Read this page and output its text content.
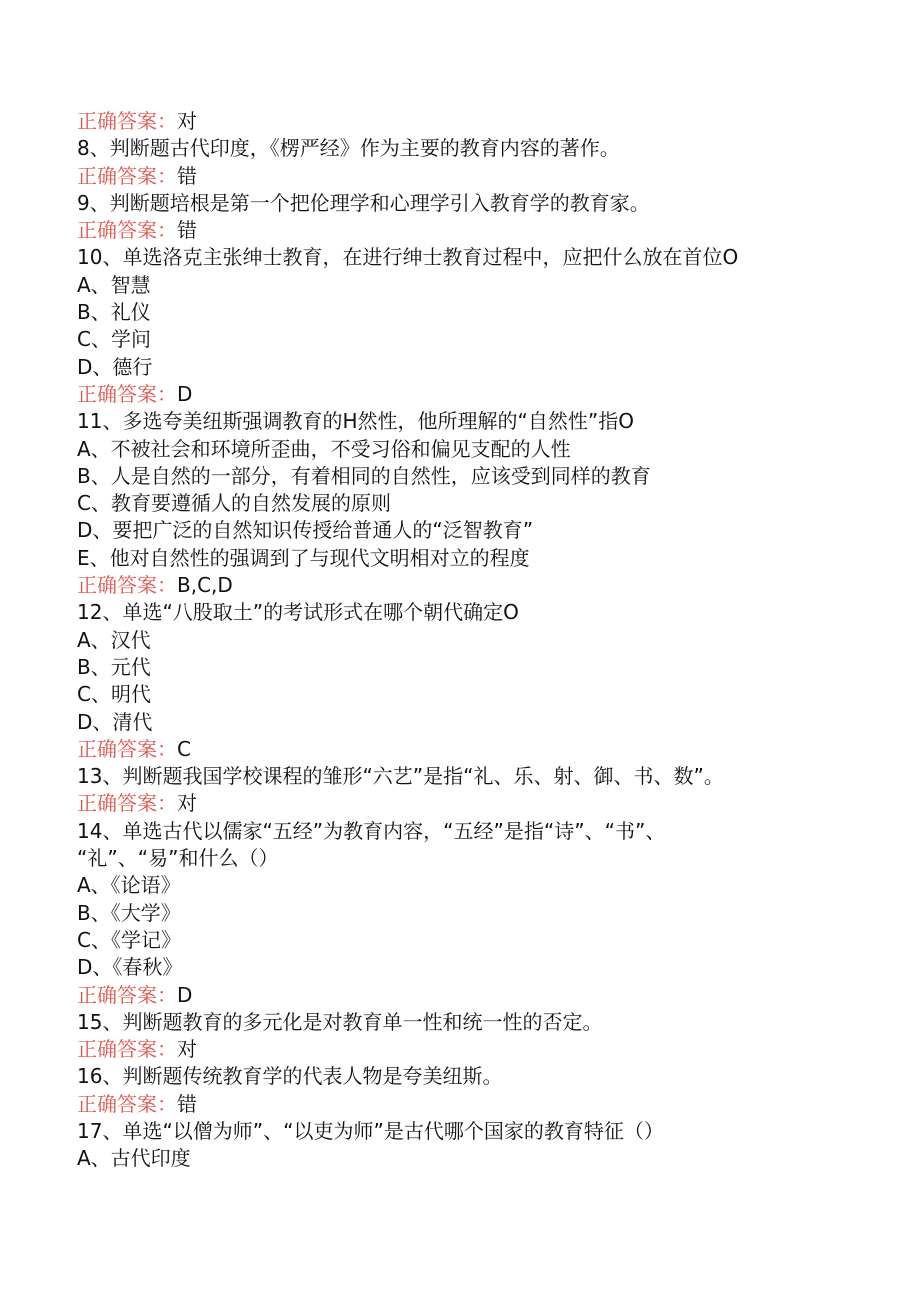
正确答案：对
8、判断题古代印度，《楞严经》作为主要的教育内容的著作。
正确答案：错
9、判断题培根是第一个把伦理学和心理学引入教育学的教育家。
正确答案：错
10、单选洛克主张绅士教育，在进行绅士教育过程中，应把什么放在首位O
A、智慧
B、礼仪
C、学问
D、德行
正确答案：D
11、多选夸美纽斯强调教育的H然性，他所理解的“自然性”指O
A、不被社会和环境所歪曲，不受习俗和偏见支配的人性
B、人是自然的一部分，有着相同的自然性，应该受到同样的教育
C、教育要遵循人的自然发展的原则
D、要把广泛的自然知识传授给普通人的“泛智教育”
E、他对自然性的强调到了与现代文明相对立的程度
正确答案：B,C,D
12、单选“八股取土”的考试形式在哪个朝代确定O
A、汉代
B、元代
C、明代
D、清代
正确答案：C
13、判断题我国学校课程的雏形“六艺”是指“礼、乐、射、御、书、数”。
正确答案：对
14、单选古代以儒家“五经”为教育内容，“五经”是指“诗”、“书”、
“礼”、“易”和什么（）
A、《论语》
B、《大学》
C、《学记》
D、《春秋》
正确答案：D
15、判断题教育的多元化是对教育单一性和统一性的否定。
正确答案：对
16、判断题传统教育学的代表人物是夸美纽斯。
正确答案：错
17、单选“以僧为师”、“以吏为师”是古代哪个国家的教育特征（）
A、古代印度
